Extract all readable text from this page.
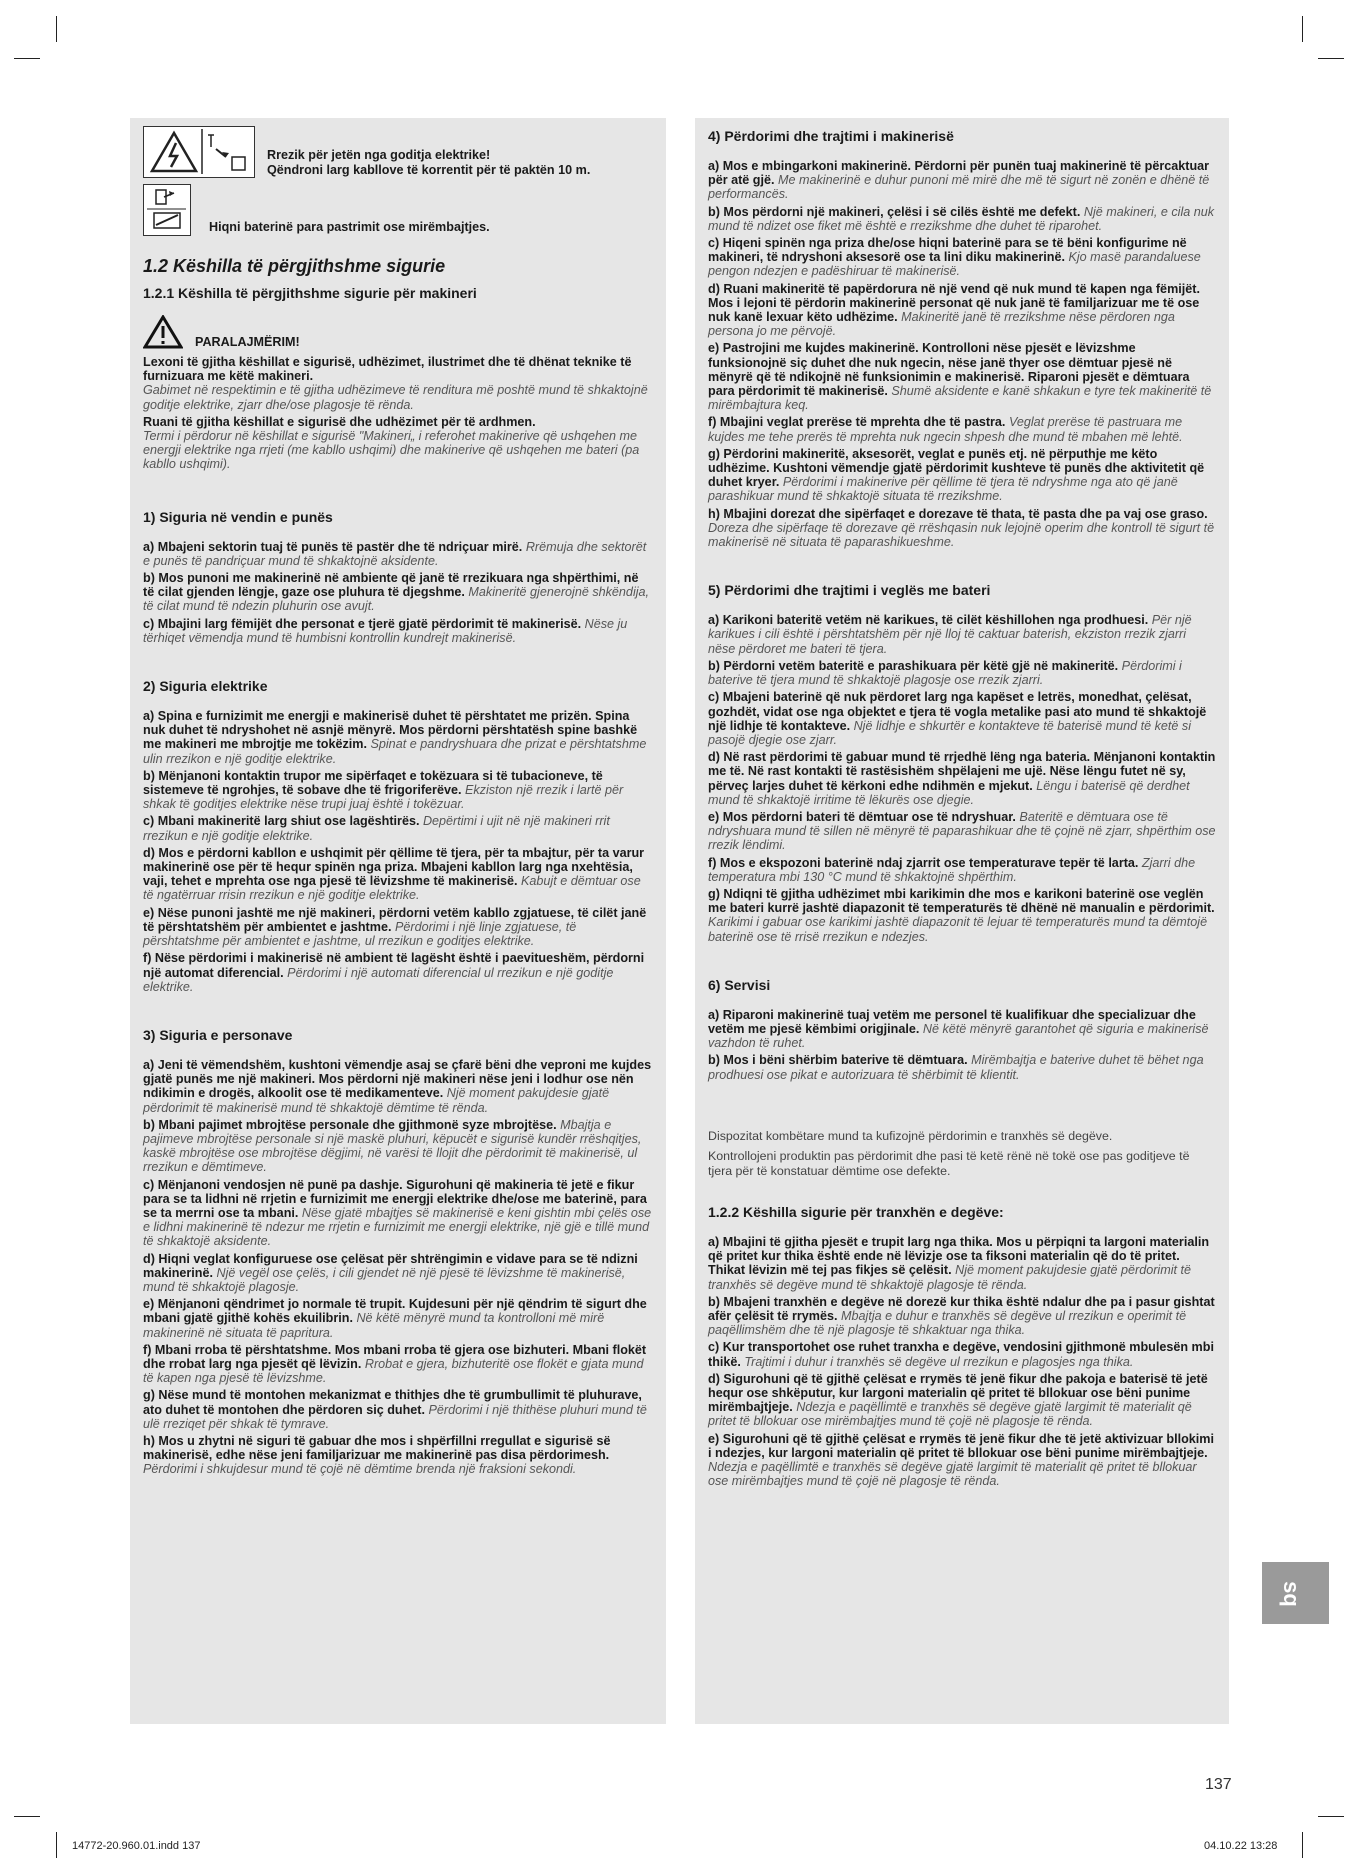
Rrezik për jetën nga goditja elektrike!
Qëndroni larg kabllove të korrentit për të paktën 10 m.
Hiqni baterinë para pastrimit ose mirëmbajtjes.
1.2 Këshilla të përgjithshme sigurie
1.2.1 Këshilla të përgjithshme sigurie për makineri
PARALAJMËRIM!
Lexoni të gjitha këshillat e sigurisë, udhëzimet, ilustrimet dhe të dhënat teknike të furnizuara me këtë makineri.
Gabimet në respektimin e të gjitha udhëzimeve të renditura më poshtë mund të shkaktojnë goditje elektrike, zjarr dhe/ose plagosje të rënda.
Ruani të gjitha këshillat e sigurisë dhe udhëzimet për të ardhmen.
Termi i përdorur në këshillat e sigurisë "Makineri„ i referohet makinerive që ushqehen me energji elektrike nga rrjeti (me kabllo ushqimi) dhe makinerive që ushqehen me bateri (pa kabllo ushqimi).
1) Siguria në vendin e punës
a) Mbajeni sektorin tuaj të punës të pastër dhe të ndriçuar mirë. Rrëmuja dhe sektorët e punës të pandriçuar mund të shkaktojnë aksidente.
b) Mos punoni me makinerinë në ambiente që janë të rrezikuara nga shpërthimi, në të cilat gjenden lëngje, gaze ose pluhura të djegshme. Makineritë gjenerojnë shkëndija, të cilat mund të ndezin pluhurin ose avujt.
c) Mbajini larg fëmijët dhe personat e tjerë gjatë përdorimit të makinerisë. Nëse ju tërhiqet vëmendja mund të humbisni kontrollin kundrejt makinerisë.
2) Siguria elektrike
a) Spina e furnizimit me energji e makinerisë duhet të përshtatet me prizën. Spina nuk duhet të ndryshohet në asnjë mënyrë. Mos përdorni përshtatësh spine bashkë me makineri me mbrojtje me tokëzim. Spinat e pandryshuara dhe prizat e përshtatshme ulin rrezikon e një goditje elektrike.
b) Mënjanoni kontaktin trupor me sipërfaqet e tokëzuara si të tubacioneve, të sistemeve të ngrohjes, të sobave dhe të frigoriferëve. Ekziston një rrezik i lartë për shkak të goditjes elektrike nëse trupi juaj është i tokëzuar.
c) Mbani makineritë larg shiut ose lagështirës. Depërtimi i ujit në një makineri rrit rrezikun e një goditje elektrike.
d) Mos e përdorni kabllon e ushqimit për qëllime të tjera, për ta mbajtur, për ta varur makinerinë ose për të hequr spinën nga priza. Mbajeni kabllon larg nga nxehtësia, vaji, tehet e mprehta ose nga pjesë të lëvizshme të makinerisë. Kabujt e dëmtuar ose të ngatërruar rrisin rrezikun e një goditje elektrike.
e) Nëse punoni jashtë me një makineri, përdorni vetëm kabllo zgjatuese, të cilët janë të përshtatshëm për ambientet e jashtme. Përdorimi i një linje zgjatuese, të përshtatshme për ambientet e jashtme, ul rrezikun e goditjes elektrike.
f) Nëse përdorimi i makinerisë në ambient të lagësht është i paevitueshëm, përdorni një automat diferencial. Përdorimi i një automati diferencial ul rrezikun e një goditje elektrike.
3) Siguria e personave
a) Jeni të vëmendshëm, kushtoni vëmendje asaj se çfarë bëni dhe veproni me kujdes gjatë punës me një makineri. Mos përdorni një makineri nëse jeni i lodhur ose nën ndikimin e drogës, alkoolit ose të medikamenteve. Një moment pakujdesie gjatë përdorimit të makinerisë mund të shkaktojë dëmtime të rënda.
b) Mbani pajimet mbrojtëse personale dhe gjithmonë syze mbrojtëse. Mbajtja e pajimeve mbrojtëse personale si një maskë pluhuri, këpucët e sigurisë kundër rrëshqitjes, kaskë mbrojtëse ose mbrojtëse dëgjimi, në varësi të llojit dhe përdorimit të makinerisë, ul rrezikun e dëmtimeve.
c) Mënjanoni vendosjen në punë pa dashje. Sigurohuni që makineria të jetë e fikur para se ta lidhni në rrjetin e furnizimit me energji elektrike dhe/ose me baterinë, para se ta merrni ose ta mbani. Nëse gjatë mbajtjes së makinerisë e keni gishtin mbi çelës ose e lidhni makinerinë të ndezur me rrjetin e furnizimit me energji elektrike, një gjë e tillë mund të shkaktojë aksidente.
d) Hiqni veglat konfiguruese ose çelësat për shtrëngimin e vidave para se të ndizni makinerinë. Një vegël ose çelës, i cili gjendet në një pjesë të lëvizshme të makinerisë, mund të shkaktojë plagosje.
e) Mënjanoni qëndrimet jo normale të trupit. Kujdesuni për një qëndrim të sigurt dhe mbani gjatë gjithë kohës ekuilibrin. Në këtë mënyrë mund ta kontrolloni më mirë makinerinë në situata të papritura.
f) Mbani rroba të përshtatshme. Mos mbani rroba të gjera ose bizhuteri. Mbani flokët dhe rrobat larg nga pjesët që lëvizin. Rrobat e gjera, bizhuteritë ose flokët e gjata mund të kapen nga pjesë të lëvizshme.
g) Nëse mund të montohen mekanizmat e thithjes dhe të grumbullimit të pluhurave, ato duhet të montohen dhe përdoren siç duhet. Përdorimi i një thithëse pluhuri mund të ulë rreziqet për shkak të tymrave.
h) Mos u zhytni në siguri të gabuar dhe mos i shpërfillni rregullat e sigurisë së makinerisë, edhe nëse jeni familjarizuar me makinerinë pas disa përdorimesh. Përdorimi i shkujdesur mund të çojë në dëmtime brenda një fraksioni sekondi.
4) Përdorimi dhe trajtimi i makinerisë
a) Mos e mbingarkoni makinerinë. Përdorni për punën tuaj makinerinë të përcaktuar për atë gjë. Me makinerinë e duhur punoni më mirë dhe më të sigurt në zonën e dhënë të performancës.
b) Mos përdorni një makineri, çelësi i së cilës është me defekt. Një makineri, e cila nuk mund të ndizet ose fiket më është e rrezikshme dhe duhet të riparohet.
c) Hiqeni spinën nga priza dhe/ose hiqni baterinë para se të bëni konfigurime në makineri, të ndryshoni aksesorë ose ta lini diku makinerinë. Kjo masë parandaluese pengon ndezjen e padëshiruar të makinerisë.
d) Ruani makineritë të papërdorura në një vend që nuk mund të kapen nga fëmijët. Mos i lejoni të përdorin makinerinë personat që nuk janë të familjarizuar me të ose nuk kanë lexuar këto udhëzime. Makineritë janë të rrezikshme nëse përdoren nga persona jo me përvojë.
e) Pastrojini me kujdes makinerinë. Kontrolloni nëse pjesët e lëvizshme funksionojnë siç duhet dhe nuk ngecin, nëse janë thyer ose dëmtuar pjesë në mënyrë që të ndikojnë në funksionimin e makinerisë. Riparoni pjesët e dëmtuara para përdorimit të makinerisë. Shumë aksidente e kanë shkakun e tyre tek makineritë të mirëmbajtura keq.
f) Mbajini veglat prerëse të mprehta dhe të pastra. Veglat prerëse të pastruara me kujdes me tehe prerës të mprehta nuk ngecin shpesh dhe mund të mbahen më lehtë.
g) Përdorini makineritë, aksesorët, veglat e punës etj. në përputhje me këto udhëzime. Kushtoni vëmendje gjatë përdorimit kushteve të punës dhe aktivitetit që duhet kryer. Përdorimi i makinerive për qëllime të tjera të ndryshme nga ato që janë parashikuar mund të shkaktojë situata të rrezikshme.
h) Mbajini dorezat dhe sipërfaqet e dorezave të thata, të pasta dhe pa vaj ose graso. Doreza dhe sipërfaqe të dorezave që rrëshqasin nuk lejojnë operim dhe kontroll të sigurt të makinerisë në situata të paparashikueshme.
5) Përdorimi dhe trajtimi i veglës me bateri
a) Karikoni bateritë vetëm në karikues, të cilët këshillohen nga prodhuesi. Për një karikues i cili është i përshtatshëm për një lloj të caktuar baterish, ekziston rrezik zjarri nëse përdoret me bateri të tjera.
b) Përdorni vetëm bateritë e parashikuara për këtë gjë në makineritë. Përdorimi i baterive të tjera mund të shkaktojë plagosje ose rrezik zjarri.
c) Mbajeni baterinë që nuk përdoret larg nga kapëset e letrës, monedhat, çelësat, gozhdët, vidat ose nga objektet e tjera të vogla metalike pasi ato mund të shkaktojë një lidhje të kontakteve. Një lidhje e shkurtër e kontakteve të baterisë mund të ketë si pasojë djegie ose zjarr.
d) Në rast përdorimi të gabuar mund të rrjedhë lëng nga bateria. Mënjanoni kontaktin me të. Në rast kontakti të rastësishëm shpëlajeni me ujë. Nëse lëngu futet në sy, përveç larjes duhet të kërkoni edhe ndihmën e mjekut. Lëngu i baterisë që derdhet mund të shkaktojë irritime të lëkurës ose djegie.
e) Mos përdorni bateri të dëmtuar ose të ndryshuar. Bateritë e dëmtuara ose të ndryshuara mund të sillen në mënyrë të paparashikuar dhe të çojnë në zjarr, shpërthim ose rrezik lëndimi.
f) Mos e ekspozoni baterinë ndaj zjarrit ose temperaturave tepër të larta. Zjarri dhe temperatura mbi 130 °C mund të shkaktojnë shpërthim.
g) Ndiqni të gjitha udhëzimet mbi karikimin dhe mos e karikoni baterinë ose veglën me bateri kurrë jashtë diapazonit të temperaturës të dhënë në manualin e përdorimit. Karikimi i gabuar ose karikimi jashtë diapazonit të lejuar të temperaturës mund ta dëmtojë baterinë ose të rrisë rrezikun e ndezjes.
6) Servisi
a) Riparoni makinerinë tuaj vetëm me personel të kualifikuar dhe specializuar dhe vetëm me pjesë këmbimi origjinale. Në këtë mënyrë garantohet që siguria e makinerisë vazhdon të ruhet.
b) Mos i bëni shërbim baterive të dëmtuara. Mirëmbajtja e baterive duhet të bëhet nga prodhuesi ose pikat e autorizuara të shërbimit të klientit.
Dispozitat kombëtare mund ta kufizojnë përdorimin e tranxhës së degëve.
Kontrollojeni produktin pas përdorimit dhe pasi të ketë rënë në tokë ose pas goditjeve të tjera për të konstatuar dëmtime ose defekte.
1.2.2 Këshilla sigurie për tranxhën e degëve:
a) Mbajini të gjitha pjesët e trupit larg nga thika. Mos u përpiqni ta largoni materialin që pritet kur thika është ende në lëvizje ose ta fiksoni materialin që do të pritet. Thikat lëvizin më tej pas fikjes së çelësit. Një moment pakujdesie gjatë përdorimit të tranxhës së degëve mund të shkaktojë plagosje të rënda.
b) Mbajeni tranxhën e degëve në dorezë kur thika është ndalur dhe pa i pasur gishtat afër çelësit të rrymës. Mbajtja e duhur e tranxhës së degëve ul rrezikun e operimit të paqëllimshëm dhe të një plagosje të shkaktuar nga thika.
c) Kur transportohet ose ruhet tranxha e degëve, vendosini gjithmonë mbulesën mbi thikë. Trajtimi i duhur i tranxhës së degëve ul rrezikun e plagosjes nga thika.
d) Sigurohuni që të gjithë çelësat e rrymës të jenë fikur dhe pakoja e baterisë të jetë hequr ose shkëputur, kur largoni materialin që pritet të bllokuar ose bëni punime mirëmbajtjeje. Ndezja e paqëllimtë e tranxhës së degëve gjatë largimit të materialit që pritet të bllokuar ose mirëmbajtjes mund të çojë në plagosje të rënda.
e) Sigurohuni që të gjithë çelësat e rrymës të jenë fikur dhe të jetë aktivizuar bllokimi i ndezjes, kur largoni materialin që pritet të bllokuar ose bëni punime mirëmbajtjeje. Ndezja e paqëllimtë e tranxhës së degëve gjatë largimit të materialit që pritet të bllokuar ose mirëmbajtjes mund të çojë në plagosje të rënda.
sq
137
14772-20.960.01.indd 137	04.10.22 13:28
